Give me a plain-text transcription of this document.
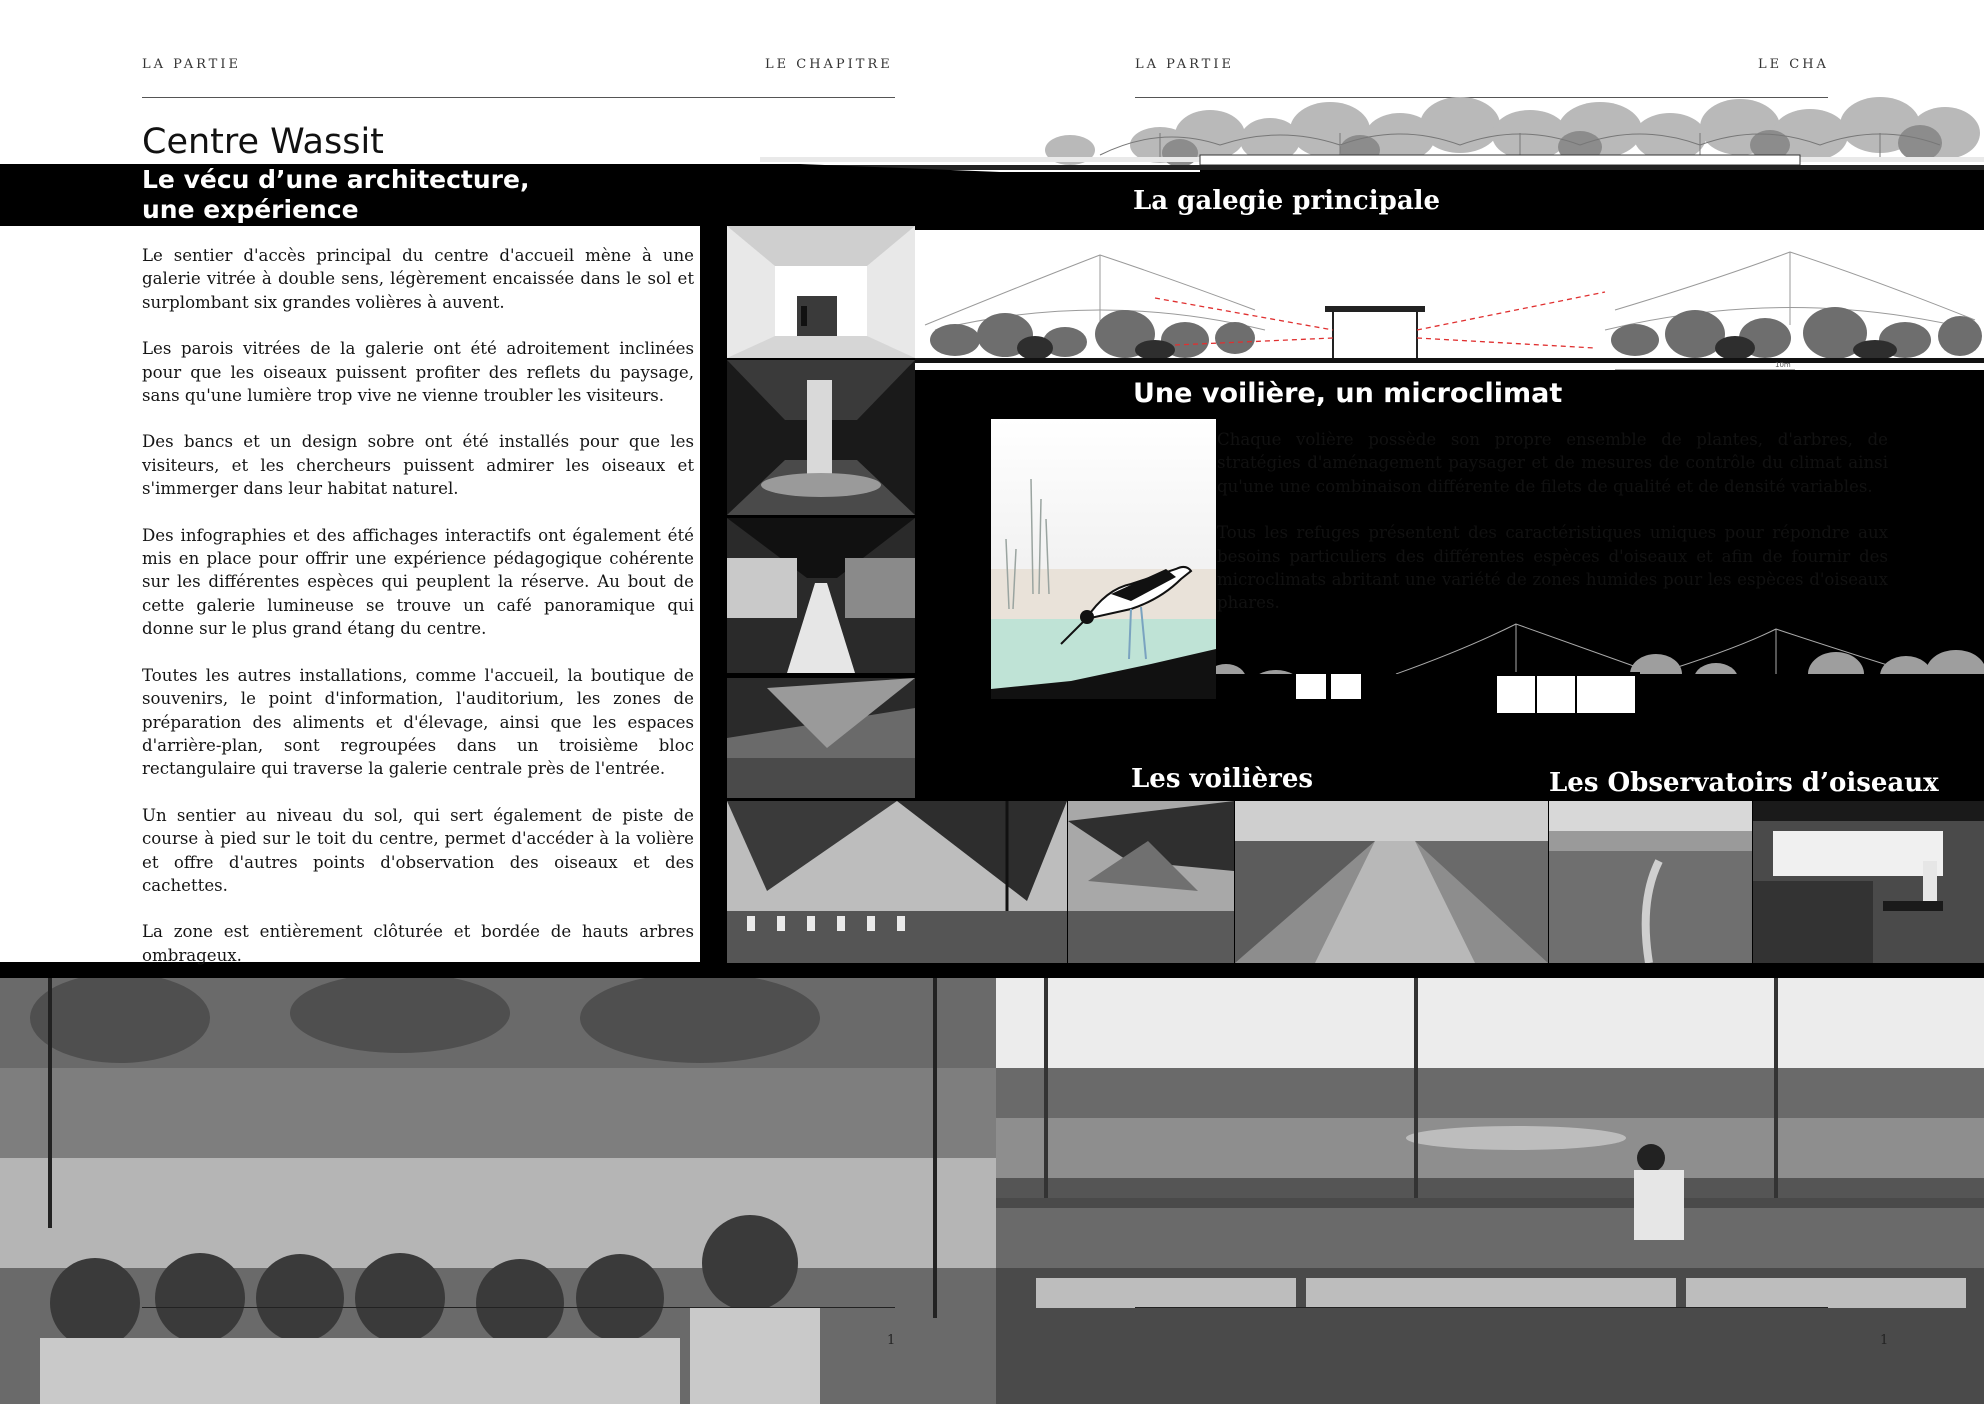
LA PARTIE	LE CHAPITRE	LA PARTIE	LE CHA
Centre Wassit
Le vécu d’une architecture,
une expérience

Le sentier d'accès principal du centre d'accueil mène à une galerie vitrée à double sens, légèrement encaissée dans le sol et surplombant six grandes volières à auvent.

Les parois vitrées de la galerie ont été adroitement inclinées pour que les oiseaux puissent profiter des reflets du paysage, sans qu'une lumière trop vive ne vienne troubler les visiteurs.

Des bancs et un design sobre ont été installés pour que les visiteurs, et les chercheurs puissent admirer les oiseaux et s'immerger dans leur habitat naturel.

Des infographies et des affichages interactifs ont également été mis en place pour offrir une expérience pédagogique cohérente sur les différentes espèces qui peuplent la réserve. Au bout de cette galerie lumineuse se trouve un café panoramique qui donne sur le plus grand étang du centre.

Toutes les autres installations, comme l'accueil, la boutique de souvenirs, le point d'information, l'auditorium, les zones de préparation des aliments et d'élevage, ainsi que les espaces d'arrière-plan, sont regroupées dans un troisième bloc rectangulaire qui traverse la galerie centrale près de l'entrée.

Un sentier au niveau du sol, qui sert également de piste de course à pied sur le toit du centre, permet d'accéder à la volière et offre d'autres points d'observation des oiseaux et des cachettes.

La zone est entièrement clôturée et bordée de hauts arbres ombrageux.

La galegie principale
Une voilière, un microclimat
Les voilières	Les Observatoirs d’oiseaux
10m

Chaque volière possède son propre ensemble de plantes, d'arbres, de stratégies d'aménagement paysager et de mesures de contrôle du climat ainsi qu'une une combinaison différente de filets de qualité et de densité variables.

Tous les refuges présentent des caractéristiques uniques pour répondre aux besoins particuliers des différentes espèces d'oiseaux et afin de fournir des microclimats abritant une variété de zones humides pour les espèces d'oiseaux phares.

1	1
